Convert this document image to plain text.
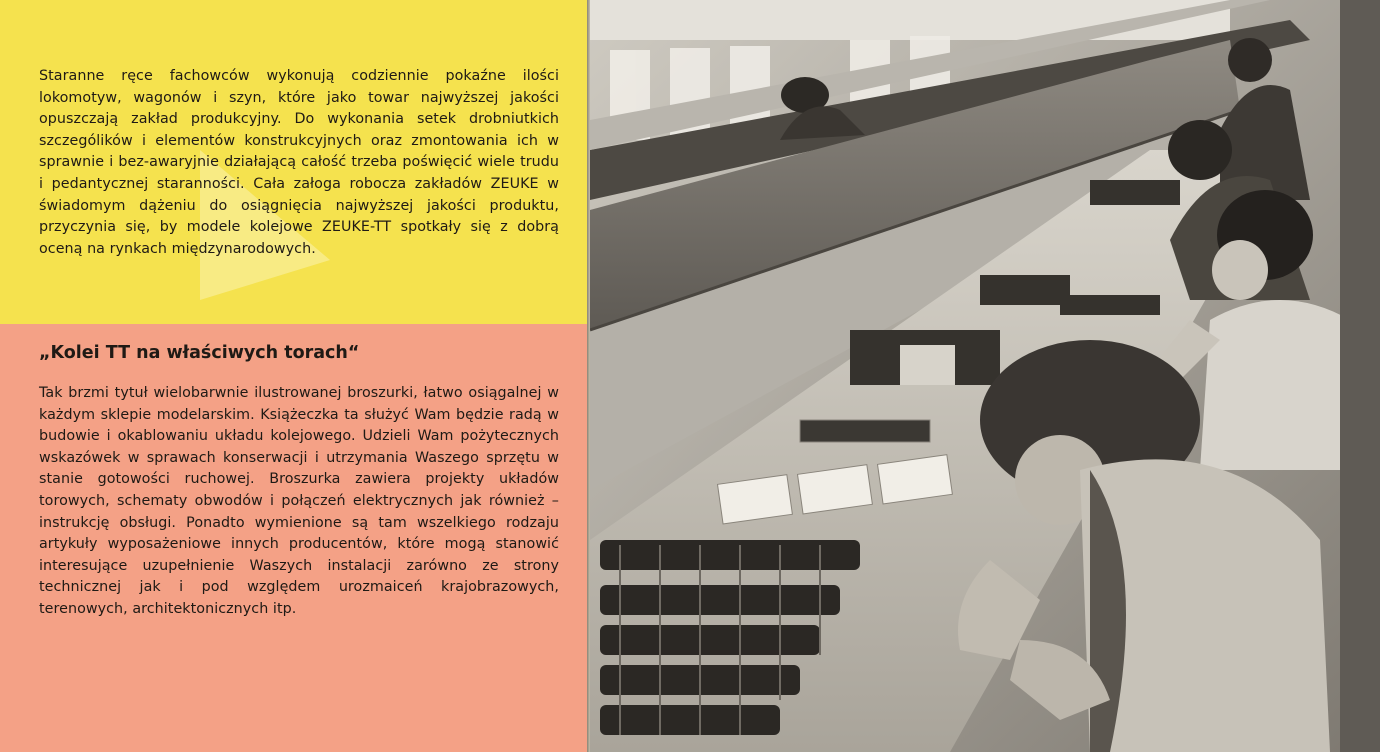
Staranne ręce fachowców wykonują codziennie pokaźne ilości lokomotyw, wagonów i szyn, które jako towar najwyższej jakości opuszczają zakład produkcyjny. Do wykonania setek drobniutkich szczególików i elementów konstrukcyjnych oraz zmontowania ich w sprawnie i bez-awaryjnie działającą całość trzeba poświęcić wiele trudu i pedantycznej staranności. Cała załoga robocza zakładów ZEUKE w świadomym dążeniu do osiągnięcia najwyższej jakości produktu, przyczynia się, by modele kolejowe ZEUKE-TT spotkały się z dobrą oceną na rynkach międzynarodowych.

„Kolei TT na właściwych torach“

Tak brzmi tytuł wielobarwnie ilustrowanej broszurki, łatwo osiągalnej w każdym sklepie modelarskim. Książeczka ta służyć Wam będzie radą w budowie i okablowaniu układu kolejowego. Udzieli Wam pożytecznych wskazówek w sprawach konserwacji i utrzymania Waszego sprzętu w stanie gotowości ruchowej. Broszurka zawiera projekty układów torowych, schematy obwodów i połączeń elektrycznych jak również – instrukcję obsługi. Ponadto wymienione są tam wszelkiego rodzaju artykuły wyposażeniowe innych producentów, które mogą stanowić interesujące uzupełnienie Waszych instalacji zarówno ze strony technicznej jak i pod względem urozmaiceń krajobrazowych, terenowych, architektonicznych itp.
